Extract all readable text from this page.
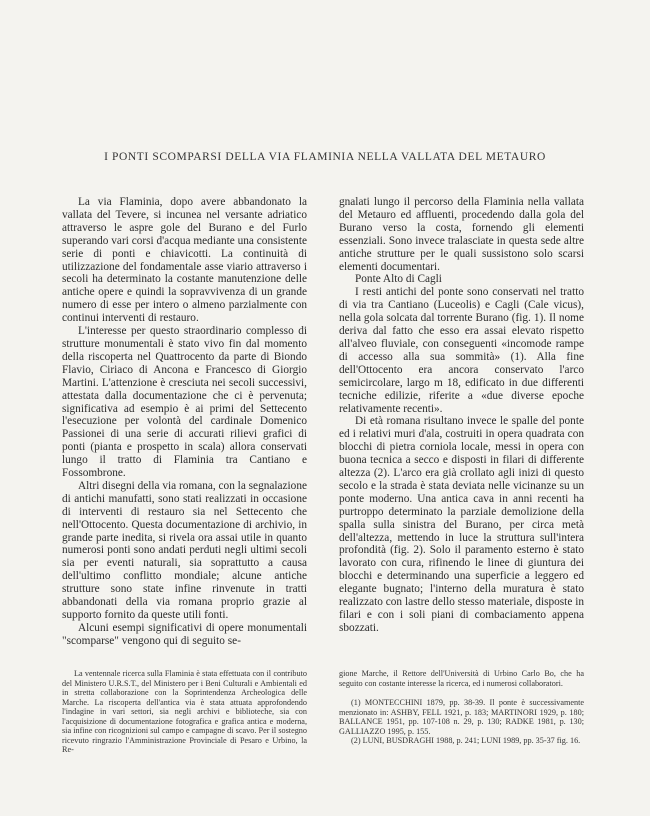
I PONTI SCOMPARSI DELLA VIA FLAMINIA NELLA VALLATA DEL METAURO

La via Flaminia, dopo avere abbandonato la vallata del Tevere, si incunea nel versante adriatico attraverso le aspre gole del Burano e del Furlo superando vari corsi d'acqua mediante una consistente serie di ponti e chiavicotti. La continuità di utilizzazione del fondamentale asse viario attraverso i secoli ha determinato la costante manutenzione delle antiche opere e quindi la sopravvivenza di un grande numero di esse per intero o almeno parzialmente con continui interventi di restauro.

L'interesse per questo straordinario complesso di strutture monumentali è stato vivo fin dal momento della riscoperta nel Quattrocento da parte di Biondo Flavio, Ciriaco di Ancona e Francesco di Giorgio Martini. L'attenzione è cresciuta nei secoli successivi, attestata dalla documentazione che ci è pervenuta; significativa ad esempio è ai primi del Settecento l'esecuzione per volontà del cardinale Domenico Passionei di una serie di accurati rilievi grafici di ponti (pianta e prospetto in scala) allora conservati lungo il tratto di Flaminia tra Cantiano e Fossombrone.

Altri disegni della via romana, con la segnalazione di antichi manufatti, sono stati realizzati in occasione di interventi di restauro sia nel Settecento che nell'Ottocento. Questa documentazione di archivio, in grande parte inedita, si rivela ora assai utile in quanto numerosi ponti sono andati perduti negli ultimi secoli sia per eventi naturali, sia soprattutto a causa dell'ultimo conflitto mondiale; alcune antiche strutture sono state infine rinvenute in tratti abbandonati della via romana proprio grazie al supporto fornito da queste utili fonti.

Alcuni esempi significativi di opere monumentali "scomparse" vengono qui di seguito se-

gnalati lungo il percorso della Flaminia nella vallata del Metauro ed affluenti, procedendo dalla gola del Burano verso la costa, fornendo gli elementi essenziali. Sono invece tralasciate in questa sede altre antiche strutture per le quali sussistono solo scarsi elementi documentari.

Ponte Alto di Cagli

I resti antichi del ponte sono conservati nel tratto di via tra Cantiano (Luceolis) e Cagli (Cale vicus), nella gola solcata dal torrente Burano (fig. 1). Il nome deriva dal fatto che esso era assai elevato rispetto all'alveo fluviale, con conseguenti «incomode rampe di accesso alla sua sommità» (1). Alla fine dell'Ottocento era ancora conservato l'arco semicircolare, largo m 18, edificato in due differenti tecniche edilizie, riferite a «due diverse epoche relativamente recenti».

Di età romana risultano invece le spalle del ponte ed i relativi muri d'ala, costruiti in opera quadrata con blocchi di pietra corniola locale, messi in opera con buona tecnica a secco e disposti in filari di differente altezza (2). L'arco era già crollato agli inizi di questo secolo e la strada è stata deviata nelle vicinanze su un ponte moderno. Una antica cava in anni recenti ha purtroppo determinato la parziale demolizione della spalla sulla sinistra del Burano, per circa metà dell'altezza, mettendo in luce la struttura sull'intera profondità (fig. 2). Solo il paramento esterno è stato lavorato con cura, rifinendo le linee di giuntura dei blocchi e determinando una superficie a leggero ed elegante bugnato; l'interno della muratura è stato realizzato con lastre dello stesso materiale, disposte in filari e con i soli piani di combaciamento appena sbozzati.

La ventennale ricerca sulla Flaminia è stata effettuata con il contributo del Ministero U.R.S.T., del Ministero per i Beni Culturali e Ambientali ed in stretta collaborazione con la Soprintendenza Archeologica delle Marche. La riscoperta dell'antica via è stata attuata approfondendo l'indagine in vari settori, sia negli archivi e biblioteche, sia con l'acquisizione di documentazione fotografica e grafica antica e moderna, sia infine con ricognizioni sul campo e campagne di scavo. Per il sostegno ricevuto ringrazio l'Amministrazione Provinciale di Pesaro e Urbino, la Re-

gione Marche, il Rettore dell'Università di Urbino Carlo Bo, che ha seguito con costante interesse la ricerca, ed i numerosi collaboratori.

(1) MONTECCHINI 1879, pp. 38-39. Il ponte è successivamente menzionato in: ASHBY, FELL 1921, p. 183; MARTINORI 1929, p. 180; BALLANCE 1951, pp. 107-108 n. 29, p. 130; RADKE 1981, p. 130; GALLIAZZO 1995, p. 155.

(2) LUNI, BUSDRAGHI 1988, p. 241; LUNI 1989, pp. 35-37 fig. 16.
